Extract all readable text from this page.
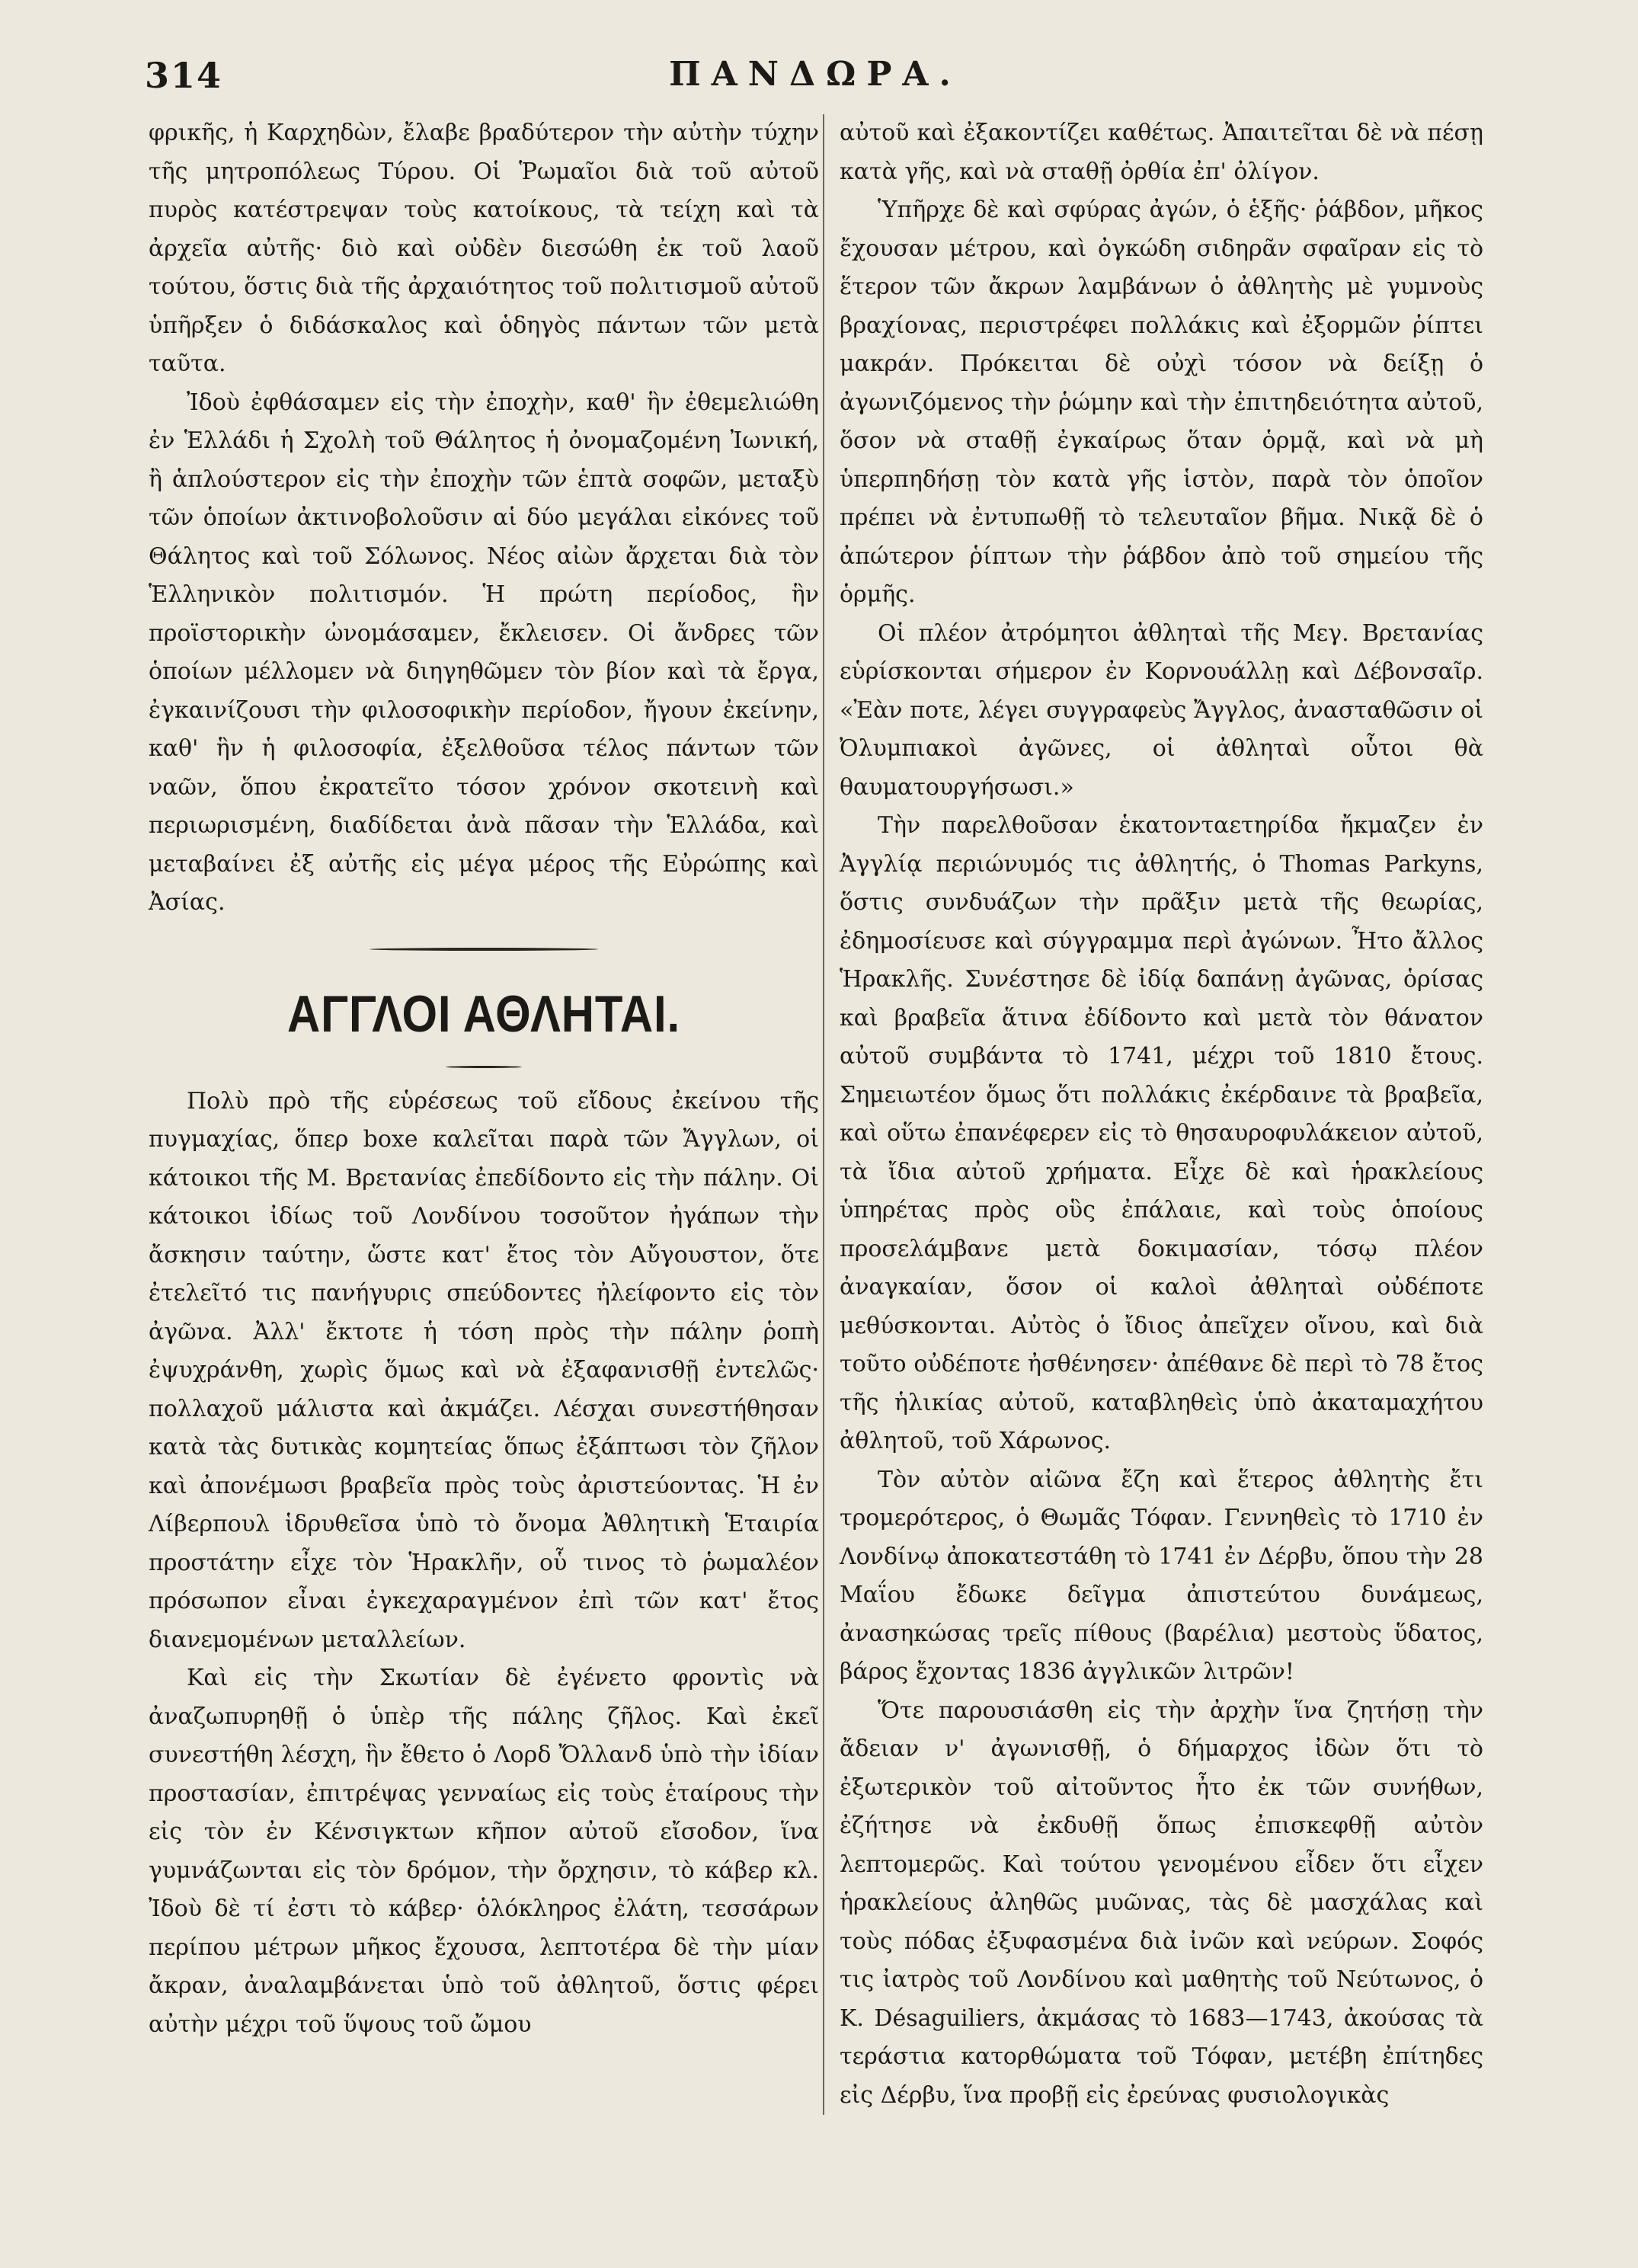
314	ΠΑΝΔΩΡΑ.

φρικῆς, ἡ Καρχηδὼν, ἔλαβε βραδύτερον τὴν αὐτὴν τύχην τῆς μητροπόλεως Τύρου. Οἱ Ῥωμαῖοι διὰ τοῦ αὐτοῦ πυρὸς κατέστρεψαν τοὺς κατοίκους, τὰ τείχη καὶ τὰ ἀρχεῖα αὐτῆς· διὸ καὶ οὐδὲν διεσώθη ἐκ τοῦ λαοῦ τούτου, ὅστις διὰ τῆς ἀρχαιότητος τοῦ πολιτισμοῦ αὐτοῦ ὑπῆρξεν ὁ διδάσκαλος καὶ ὁδηγὸς πάντων τῶν μετὰ ταῦτα.

Ἰδοὺ ἐφθάσαμεν εἰς τὴν ἐποχὴν, καθ' ἣν ἐθεμελιώθη ἐν Ἑλλάδι ἡ Σχολὴ τοῦ Θάλητος ἡ ὀνομαζομένη Ἰωνική, ἢ ἁπλούστερον εἰς τὴν ἐποχὴν τῶν ἑπτὰ σοφῶν, μεταξὺ τῶν ὁποίων ἀκτινοβολοῦσιν αἱ δύο μεγάλαι εἰκόνες τοῦ Θάλητος καὶ τοῦ Σόλωνος. Νέος αἰὼν ἄρχεται διὰ τὸν Ἑλληνικὸν πολιτισμόν. Ἡ πρώτη περίοδος, ἣν προϊστορικὴν ὠνομάσαμεν, ἔκλεισεν. Οἱ ἄνδρες τῶν ὁποίων μέλλομεν νὰ διηγηθῶμεν τὸν βίον καὶ τὰ ἔργα, ἐγκαινίζουσι τὴν φιλοσοφικὴν περίοδον, ἤγουν ἐκείνην, καθ' ἣν ἡ φιλοσοφία, ἐξελθοῦσα τέλος πάντων τῶν ναῶν, ὅπου ἐκρατεῖτο τόσον χρόνον σκοτεινὴ καὶ περιωρισμένη, διαδίδεται ἀνὰ πᾶσαν τὴν Ἑλλάδα, καὶ μεταβαίνει ἐξ αὐτῆς εἰς μέγα μέρος τῆς Εὐρώπης καὶ Ἀσίας.

ΑΓΓΛΟΙ ΑΘΛΗΤΑΙ.

Πολὺ πρὸ τῆς εὑρέσεως τοῦ εἴδους ἐκείνου τῆς πυγμαχίας, ὅπερ boxe καλεῖται παρὰ τῶν Ἄγγλων, οἱ κάτοικοι τῆς Μ. Βρετανίας ἐπεδίδοντο εἰς τὴν πάλην. Οἱ κάτοικοι ἰδίως τοῦ Λονδίνου τοσοῦτον ἠγάπων τὴν ἄσκησιν ταύτην, ὥστε κατ' ἔτος τὸν Αὔγουστον, ὅτε ἐτελεῖτό τις πανήγυρις σπεύδοντες ἠλείφοντο εἰς τὸν ἀγῶνα. Ἀλλ' ἔκτοτε ἡ τόση πρὸς τὴν πάλην ῥοπὴ ἐψυχράνθη, χωρὶς ὅμως καὶ νὰ ἐξαφανισθῇ ἐντελῶς· πολλαχοῦ μάλιστα καὶ ἀκμάζει. Λέσχαι συνεστήθησαν κατὰ τὰς δυτικὰς κομητείας ὅπως ἐξάπτωσι τὸν ζῆλον καὶ ἀπονέμωσι βραβεῖα πρὸς τοὺς ἀριστεύοντας. Ἡ ἐν Λίβερπουλ ἱδρυθεῖσα ὑπὸ τὸ ὄνομα Ἀθλητικὴ Ἑταιρία προστάτην εἶχε τὸν Ἡρακλῆν, οὗ τινος τὸ ῥωμαλέον πρόσωπον εἶναι ἐγκεχαραγμένον ἐπὶ τῶν κατ' ἔτος διανεμομένων μεταλλείων.

Καὶ εἰς τὴν Σκωτίαν δὲ ἐγένετο φροντὶς νὰ ἀναζωπυρηθῇ ὁ ὑπὲρ τῆς πάλης ζῆλος. Καὶ ἐκεῖ συνεστήθη λέσχη, ἣν ἔθετο ὁ Λορδ Ὄλλανδ ὑπὸ τὴν ἰδίαν προστασίαν, ἐπιτρέψας γενναίως εἰς τοὺς ἑταίρους τὴν εἰς τὸν ἐν Κένσιγκτων κῆπον αὐτοῦ εἴσοδον, ἵνα γυμνάζωνται εἰς τὸν δρόμον, τὴν ὄρχησιν, τὸ κάβερ κλ. Ἰδοὺ δὲ τί ἐστι τὸ κάβερ· ὁλόκληρος ἐλάτη, τεσσάρων περίπου μέτρων μῆκος ἔχουσα, λεπτοτέρα δὲ τὴν μίαν ἄκραν, ἀναλαμβάνεται ὑπὸ τοῦ ἀθλητοῦ, ὅστις φέρει αὐτὴν μέχρι τοῦ ὕψους τοῦ ὤμου

αὐτοῦ καὶ ἐξακοντίζει καθέτως. Ἀπαιτεῖται δὲ νὰ πέσῃ κατὰ γῆς, καὶ νὰ σταθῇ ὀρθία ἐπ' ὀλίγον.

Ὑπῆρχε δὲ καὶ σφύρας ἀγών, ὁ ἑξῆς· ῥάβδον, μῆκος ἔχουσαν μέτρου, καὶ ὀγκώδη σιδηρᾶν σφαῖραν εἰς τὸ ἕτερον τῶν ἄκρων λαμβάνων ὁ ἀθλητὴς μὲ γυμνοὺς βραχίονας, περιστρέφει πολλάκις καὶ ἐξορμῶν ῥίπτει μακράν. Πρόκειται δὲ οὐχὶ τόσον νὰ δείξῃ ὁ ἀγωνιζόμενος τὴν ῥώμην καὶ τὴν ἐπιτηδειότητα αὐτοῦ, ὅσον νὰ σταθῇ ἐγκαίρως ὅταν ὁρμᾷ, καὶ νὰ μὴ ὑπερπηδήσῃ τὸν κατὰ γῆς ἱστὸν, παρὰ τὸν ὁποῖον πρέπει νὰ ἐντυπωθῇ τὸ τελευταῖον βῆμα. Νικᾷ δὲ ὁ ἀπώτερον ῥίπτων τὴν ῥάβδον ἀπὸ τοῦ σημείου τῆς ὁρμῆς.

Οἱ πλέον ἀτρόμητοι ἀθληταὶ τῆς Μεγ. Βρετανίας εὑρίσκονται σήμερον ἐν Κορνουάλλῃ καὶ Δέβονσαῖρ. «Ἐὰν ποτε, λέγει συγγραφεὺς Ἄγγλος, ἀνασταθῶσιν οἱ Ὀλυμπιακοὶ ἀγῶνες, οἱ ἀθληταὶ οὗτοι θὰ θαυματουργήσωσι.»

Τὴν παρελθοῦσαν ἑκατονταετηρίδα ἤκμαζεν ἐν Ἀγγλίᾳ περιώνυμός τις ἀθλητής, ὁ Thomas Parkyns, ὅστις συνδυάζων τὴν πρᾶξιν μετὰ τῆς θεωρίας, ἐδημοσίευσε καὶ σύγγραμμα περὶ ἀγώνων. Ἦτο ἄλλος Ἡρακλῆς. Συνέστησε δὲ ἰδίᾳ δαπάνῃ ἀγῶνας, ὁρίσας καὶ βραβεῖα ἅτινα ἐδίδοντο καὶ μετὰ τὸν θάνατον αὐτοῦ συμβάντα τὸ 1741, μέχρι τοῦ 1810 ἔτους. Σημειωτέον ὅμως ὅτι πολλάκις ἐκέρδαινε τὰ βραβεῖα, καὶ οὕτω ἐπανέφερεν εἰς τὸ θησαυροφυλάκειον αὐτοῦ, τὰ ἴδια αὐτοῦ χρήματα. Εἶχε δὲ καὶ ἡρακλείους ὑπηρέτας πρὸς οὓς ἐπάλαιε, καὶ τοὺς ὁποίους προσελάμβανε μετὰ δοκιμασίαν, τόσῳ πλέον ἀναγκαίαν, ὅσον οἱ καλοὶ ἀθληταὶ οὐδέποτε μεθύσκονται. Αὐτὸς ὁ ἴδιος ἀπεῖχεν οἴνου, καὶ διὰ τοῦτο οὐδέποτε ἠσθένησεν· ἀπέθανε δὲ περὶ τὸ 78 ἔτος τῆς ἡλικίας αὐτοῦ, καταβληθεὶς ὑπὸ ἀκαταμαχήτου ἀθλητοῦ, τοῦ Χάρωνος.

Τὸν αὐτὸν αἰῶνα ἔζη καὶ ἕτερος ἀθλητὴς ἔτι τρομερότερος, ὁ Θωμᾶς Τόφαν. Γεννηθεὶς τὸ 1710 ἐν Λονδίνῳ ἀποκατεστάθη τὸ 1741 ἐν Δέρβυ, ὅπου τὴν 28 Μαΐου ἔδωκε δεῖγμα ἀπιστεύτου δυνάμεως, ἀνασηκώσας τρεῖς πίθους (βαρέλια) μεστοὺς ὕδατος, βάρος ἔχοντας 1836 ἀγγλικῶν λιτρῶν!

Ὅτε παρουσιάσθη εἰς τὴν ἀρχὴν ἵνα ζητήσῃ τὴν ἄδειαν ν' ἀγωνισθῇ, ὁ δήμαρχος ἰδὼν ὅτι τὸ ἐξωτερικὸν τοῦ αἰτοῦντος ἦτο ἐκ τῶν συνήθων, ἐζήτησε νὰ ἐκδυθῇ ὅπως ἐπισκεφθῇ αὐτὸν λεπτομερῶς. Καὶ τούτου γενομένου εἶδεν ὅτι εἶχεν ἡρακλείους ἀληθῶς μυῶνας, τὰς δὲ μασχάλας καὶ τοὺς πόδας ἐξυφασμένα διὰ ἰνῶν καὶ νεύρων. Σοφός τις ἰατρὸς τοῦ Λονδίνου καὶ μαθητὴς τοῦ Νεύτωνος, ὁ Κ. Désaguiliers, ἀκμάσας τὸ 1683—1743, ἀκούσας τὰ τεράστια κατορθώματα τοῦ Τόφαν, μετέβη ἐπίτηδες εἰς Δέρβυ, ἵνα προβῇ εἰς ἐρεύνας φυσιολογικὰς
